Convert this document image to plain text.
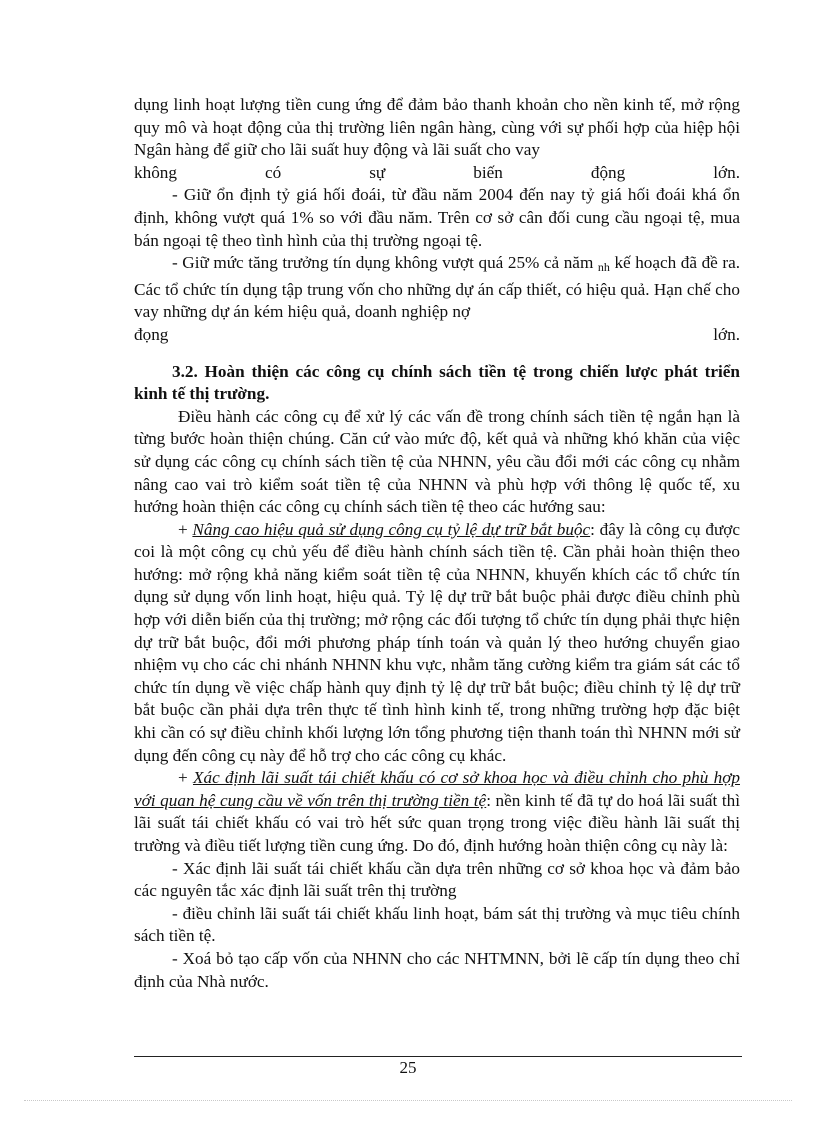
dụng linh hoạt lượng tiền cung ứng để đảm bảo thanh khoản cho nền kinh tế, mở rộng quy mô và hoạt động của thị trường liên ngân hàng, cùng với sự phối hợp của hiệp hội Ngân hàng để giữ cho lãi suất huy động và lãi suất cho vay

không có sự biến động lớn.

- Giữ ổn định tỷ giá hối đoái, từ đầu năm 2004 đến nay tỷ giá hối đoái khá ổn định, không vượt quá 1% so với đầu năm. Trên cơ sở cân đối cung cầu ngoại tệ, mua bán ngoại tệ theo tình hình của thị trường ngoại tệ.

- Giữ mức tăng trưởng tín dụng không vượt quá 25% cả năm $_{nh}$ kế hoạch đã đề ra. Các tổ chức tín dụng tập trung vốn cho những dự án cấp thiết, có hiệu quả. Hạn chế cho vay những dự án kém hiệu quả, doanh nghiệp nợ

đọng lớn.

3.2. Hoàn thiện các công cụ chính sách tiền tệ trong chiến lược phát triển kinh tế thị trường.

Điều hành các công cụ để xử lý các vấn đề trong chính sách tiền tệ ngắn hạn là từng bước hoàn thiện chúng. Căn cứ vào mức độ, kết quả và những khó khăn của việc sử dụng các công cụ chính sách tiền tệ của NHNN, yêu cầu đổi mới các công cụ nhằm nâng cao vai trò kiểm soát tiền tệ của NHNN và phù hợp với thông lệ quốc tế, xu hướng hoàn thiện các công cụ chính sách tiền tệ theo các hướng sau:

+ Nâng cao hiệu quả sử dụng công cụ tỷ lệ dự trữ bắt buộc: đây là công cụ được coi là một công cụ chủ yếu để điều hành chính sách tiền tệ. Cần phải hoàn thiện theo hướng: mở rộng khả năng kiểm soát tiền tệ của NHNN, khuyến khích các tổ chức tín dụng sử dụng vốn linh hoạt, hiệu quả. Tỷ lệ dự trữ bắt buộc phải được điều chỉnh phù hợp với diễn biến của thị trường; mở rộng các đối tượng tổ chức tín dụng phải thực hiện dự trữ bắt buộc, đổi mới phương pháp tính toán và quản lý theo hướng chuyển giao nhiệm vụ cho các chi nhánh NHNN khu vực, nhằm tăng cường kiểm tra giám sát các tổ chức tín dụng về việc chấp hành quy định tỷ lệ dự trữ bắt buộc; điều chỉnh tỷ lệ dự trữ bắt buộc cần phải dựa trên thực tế tình hình kinh tế, trong những trường hợp đặc biệt khi cần có sự điều chỉnh khối lượng lớn tổng phương tiện thanh toán thì NHNN mới sử dụng đến công cụ này để hỗ trợ cho các công cụ khác.

+ Xác định lãi suất tái chiết khấu có cơ sở khoa học và điều chỉnh cho phù hợp với quan hệ cung cầu về vốn trên thị trường tiền tệ: nền kinh tế đã tự do hoá lãi suất thì lãi suất tái chiết khấu có vai trò hết sức quan trọng trong việc điều hành lãi suất thị trường và điều tiết lượng tiền cung ứng. Do đó, định hướng hoàn thiện công cụ này là:

- Xác định lãi suất tái chiết khấu cần dựa trên những cơ sở khoa học và đảm bảo các nguyên tắc xác định lãi suất trên thị trường

- điều chỉnh lãi suất tái chiết khấu linh hoạt, bám sát thị trường và mục tiêu chính sách tiền tệ.

- Xoá bỏ tạo cấp vốn của NHNN cho các NHTMNN, bởi lẽ cấp tín dụng theo chỉ định của Nhà nước.

25
